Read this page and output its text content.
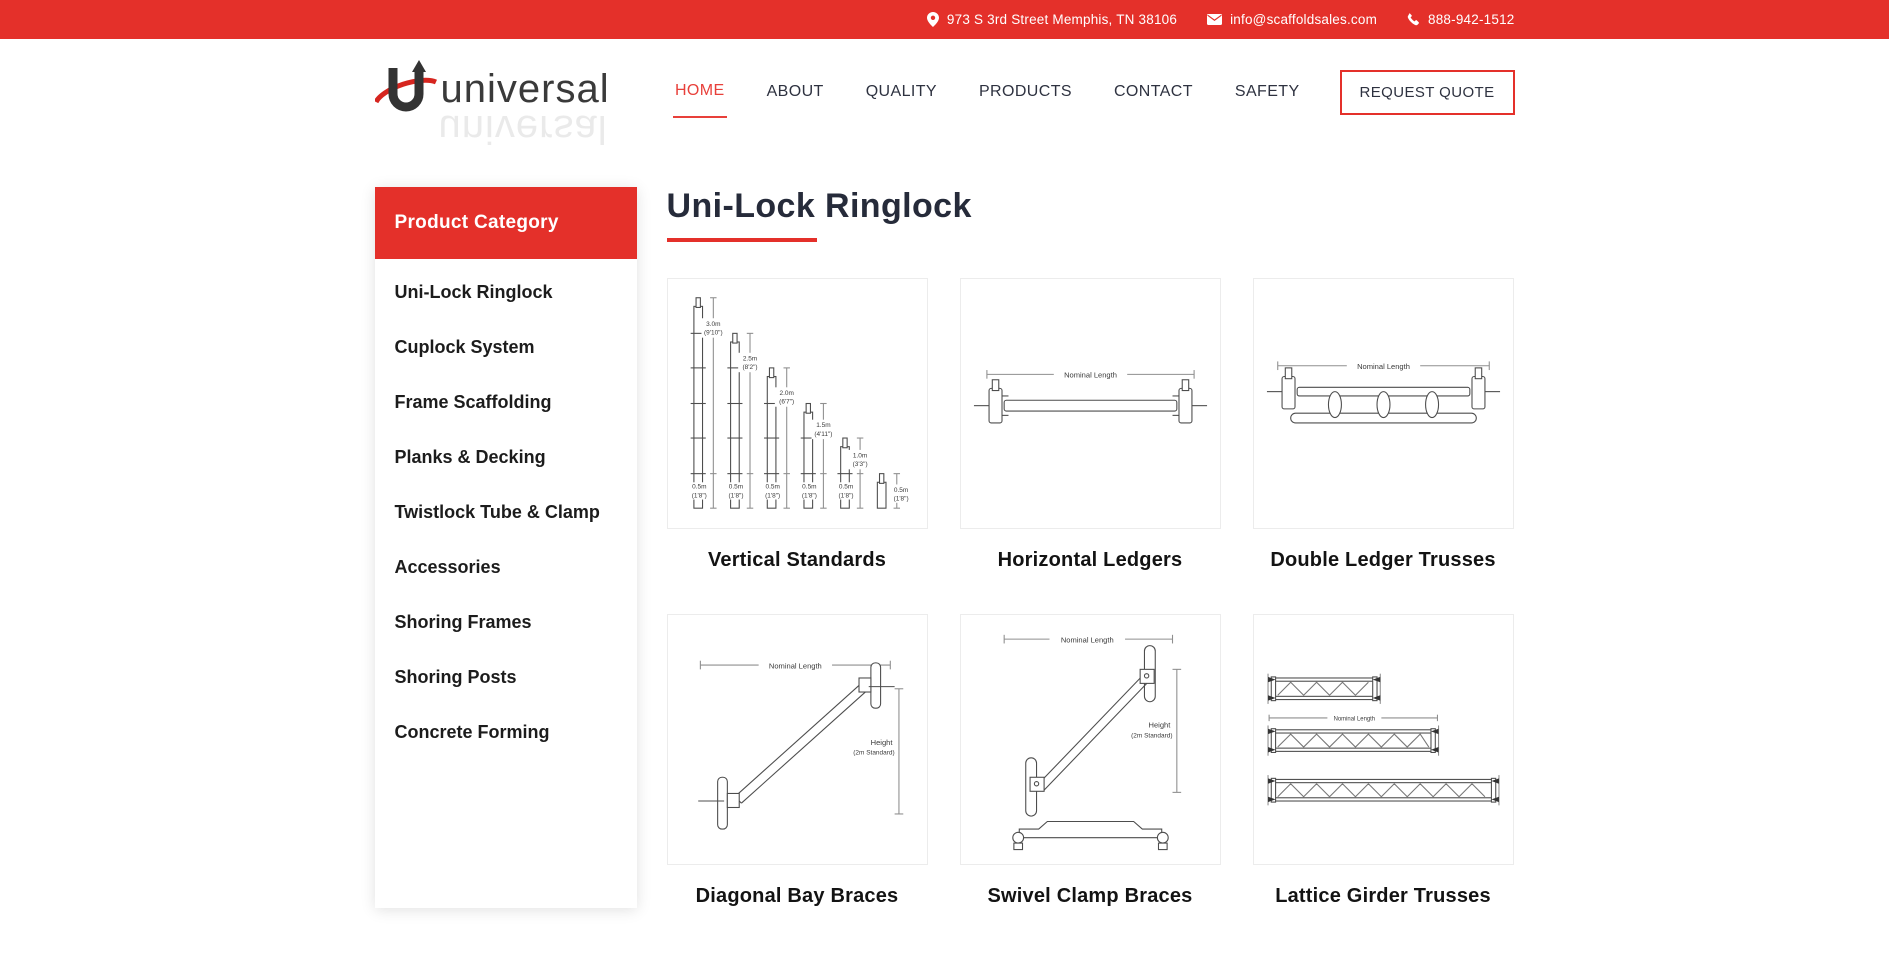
973 S 3rd Street Memphis, TN 38106	info@scaffoldsales.com	888-942-1512
universal
universal
HOME	ABOUT	QUALITY	PRODUCTS	CONTACT	SAFETY	REQUEST QUOTE
Product Category
Uni-Lock Ringlock
Cuplock System
Frame Scaffolding
Planks & Decking
Twistlock Tube & Clamp
Accessories
Shoring Frames
Shoring Posts
Concrete Forming
Uni-Lock Ringlock
3.0m
(9'10")
0.5m
(1'8")
2.5m
(8'2")
0.5m
(1'8")
2.0m
(6'7")
0.5m
(1'8")
1.5m
(4'11")
0.5m
(1'8")
1.0m
(3'3")
0.5m
(1'8")
0.5m
(1'8")
Vertical Standards
Nominal Length
Horizontal Ledgers
Nominal Length
Double Ledger Trusses
Nominal Length
Height
(2m Standard)
Diagonal Bay Braces
Nominal Length
Height
(2m Standard)
Swivel Clamp Braces
Nominal Length
Lattice Girder Trusses
